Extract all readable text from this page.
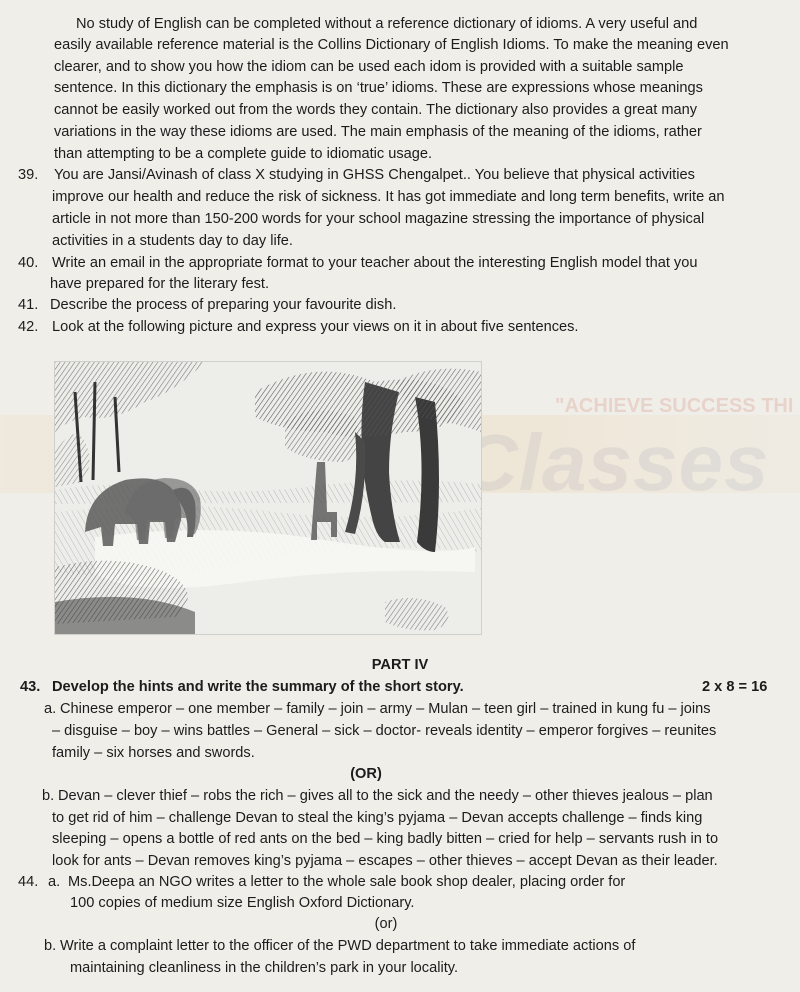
"ACHIEVE SUCCESS THI
Classes
No study of English can be completed without a reference dictionary of idioms. A very useful and
easily available reference material is the Collins Dictionary of English Idioms. To make the meaning even
clearer, and to show you how the idiom can be used each idom is provided with a suitable sample
sentence. In this dictionary the emphasis is on ‘true’ idioms. These are expressions whose meanings
cannot be easily worked out from the words they contain. The dictionary also provides a great many
variations in the way these idioms are used. The main emphasis of the meaning of the idioms, rather
than attempting to be a complete guide to idiomatic usage.
39. You are Jansi/Avinash of class X studying in GHSS Chengalpet.. You believe that physical activities
improve our health and reduce the risk of sickness. It has got immediate and long term benefits, write an
article in not more than 150-200 words for your school magazine stressing the importance of physical
activities in a students day to day life.
40. Write an email in the appropriate format to your teacher about the interesting English model that you
have prepared for the literary fest.
41. Describe the process of preparing your favourite dish.
42. Look at the following picture and express your views on it in about five sentences.
PART IV
43. Develop the hints and write the summary of the short story.	2 x 8 = 16
a. Chinese emperor – one member – family – join – army – Mulan – teen girl – trained in kung fu – joins
– disguise – boy – wins battles – General – sick – doctor- reveals identity – emperor forgives – reunites
family – six horses and swords.
(OR)
b. Devan – clever thief – robs the rich – gives all to the sick and the needy – other thieves jealous – plan
to get rid of him – challenge Devan to steal the king’s pyjama – Devan accepts challenge – finds king
sleeping – opens a bottle of red ants on the bed – king badly bitten – cried for help – servants rush in to
look for ants – Devan removes king’s pyjama – escapes – other thieves – accept Devan as their leader.
44. a. Ms.Deepa an NGO writes a letter to the whole sale book shop dealer, placing order for
100 copies of medium size English Oxford Dictionary.
(or)
b. Write a complaint letter to the officer of the PWD department to take immediate actions of
maintaining cleanliness in the children’s park in your locality.
